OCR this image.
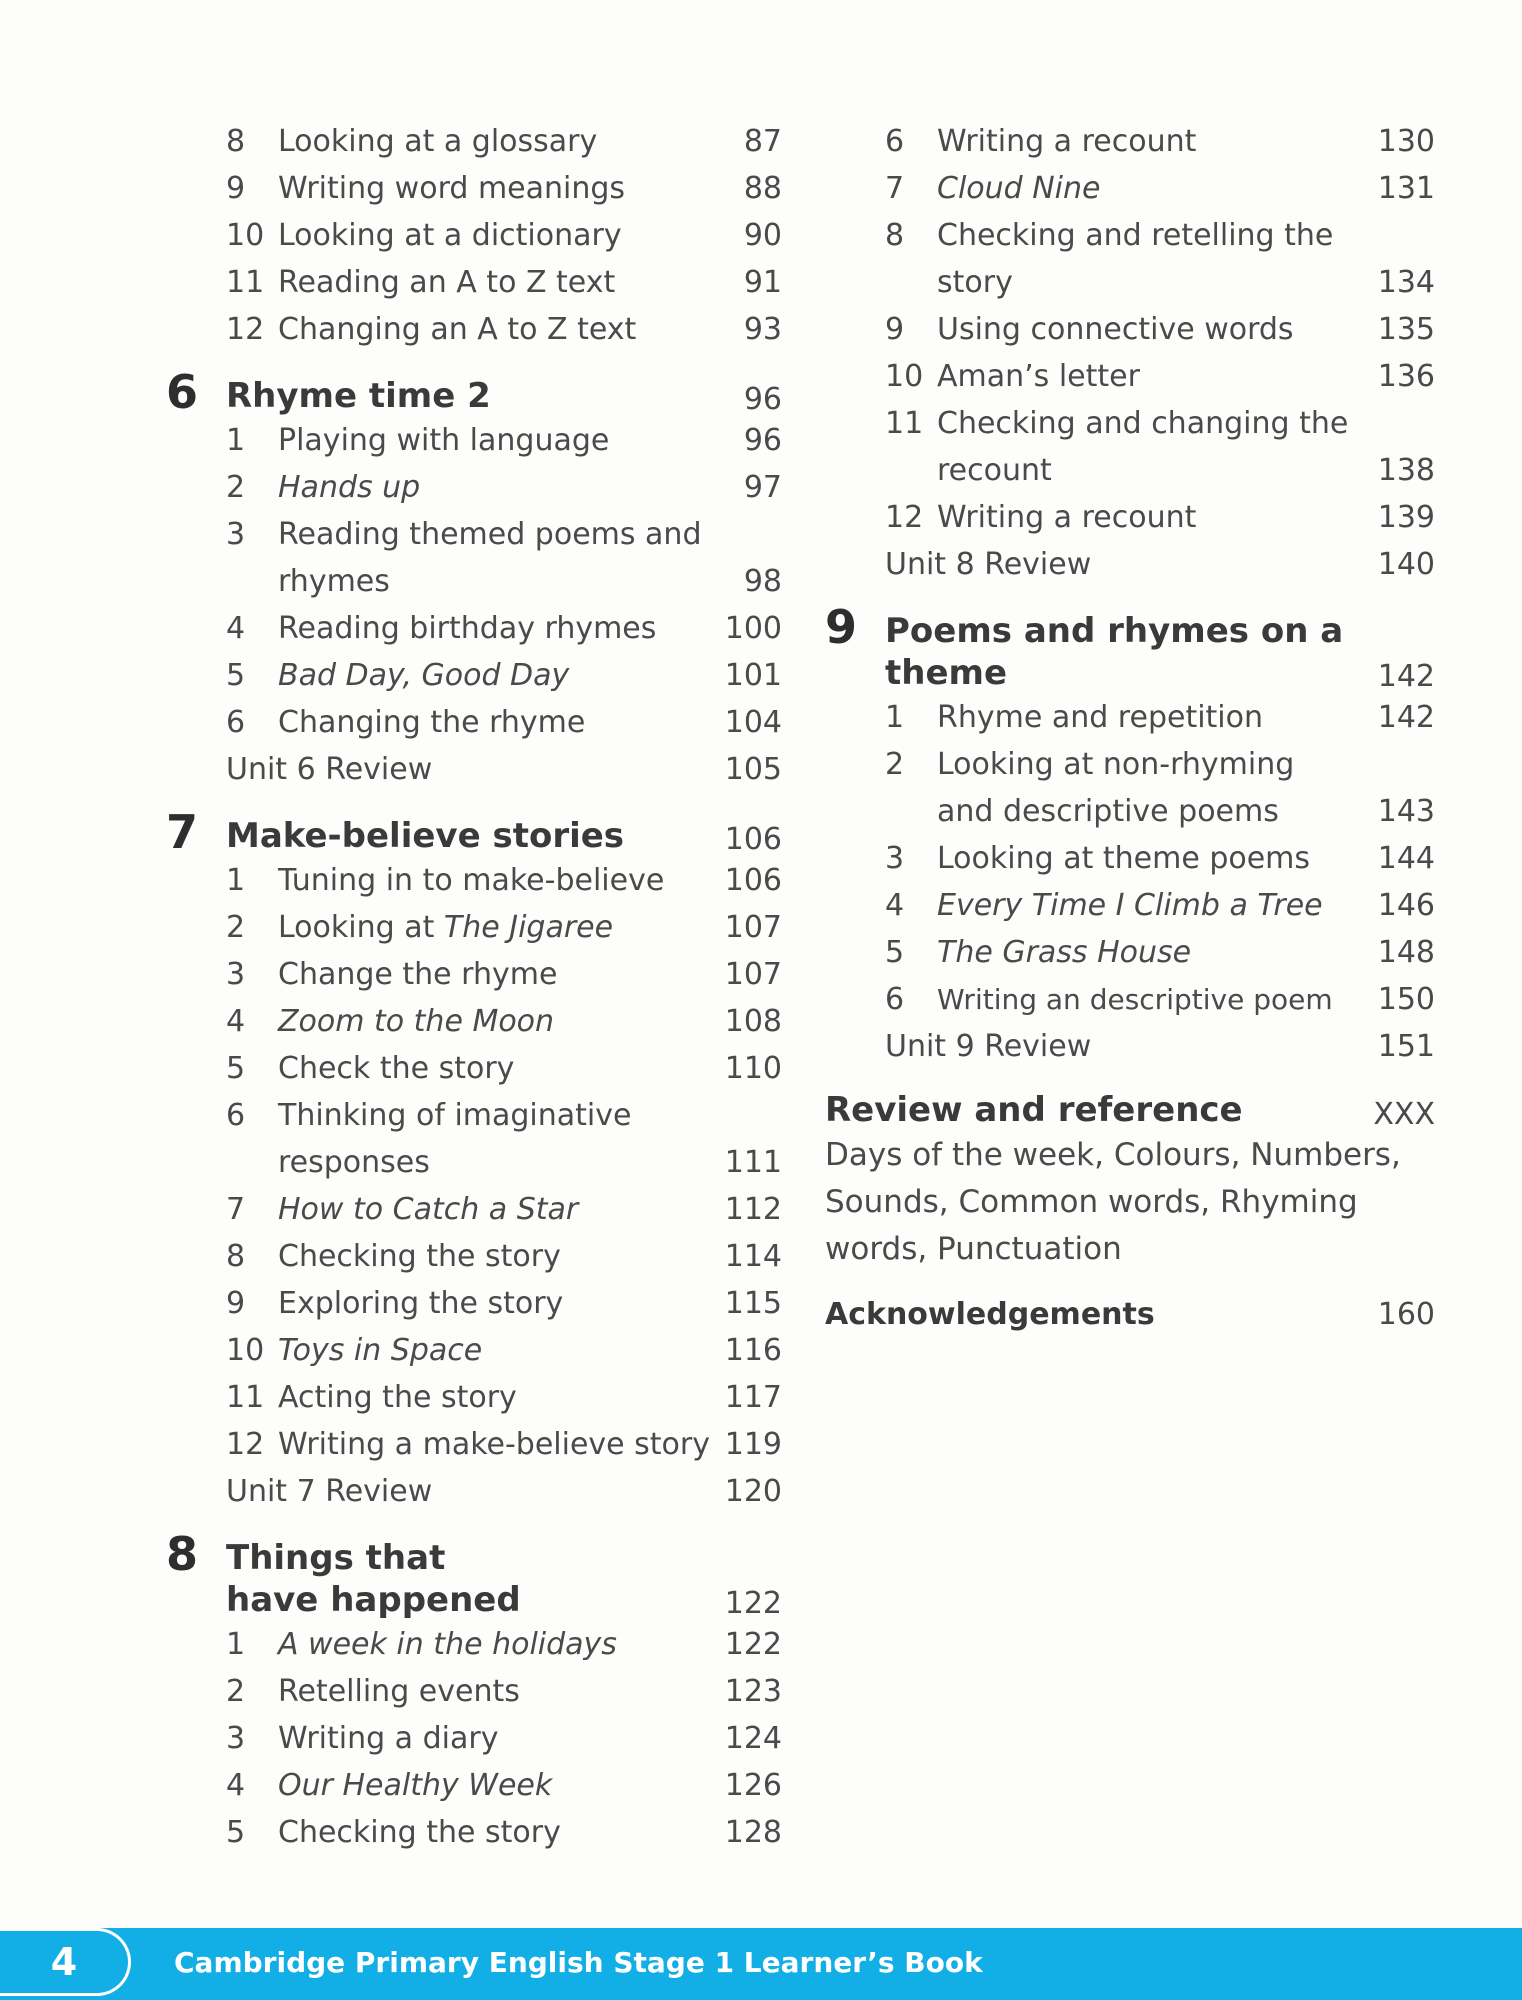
8	Looking at a glossary	87
9	Writing word meanings	88
10 Looking at a dictionary	90
11 Reading an A to Z text	91
12 Changing an A to Z text	93
6 Rhyme time 2	96
1	Playing with language	96
2	Hands up	97
3	Reading themed poems and rhymes	98
4	Reading birthday rhymes	100
5	Bad Day, Good Day	101
6	Changing the rhyme	104
Unit 6 Review	105
7 Make-believe stories	106
1	Tuning in to make-believe	106
2	Looking at The Jigaree	107
3	Change the rhyme	107
4	Zoom to the Moon	108
5	Check the story	110
6	Thinking of imaginative responses	111
7	How to Catch a Star	112
8	Checking the story	114
9	Exploring the story	115
10 Toys in Space	116
11 Acting the story	117
12 Writing a make-believe story 119
Unit 7 Review	120
8 Things that have happened	122
1	A week in the holidays	122
2	Retelling events	123
3	Writing a diary	124
4	Our Healthy Week	126
5	Checking the story	128
6	Writing a recount	130
7	Cloud Nine	131
8	Checking and retelling the story	134
9	Using connective words	135
10 Aman’s letter	136
11 Checking and changing the recount	138
12 Writing a recount	139
Unit 8 Review	140
9 Poems and rhymes on a theme	142
1	Rhyme and repetition	142
2	Looking at non-rhyming and descriptive poems	143
3	Looking at theme poems	144
4	Every Time I Climb a Tree	146
5	The Grass House	148
6	Writing an descriptive poem	150
Unit 9 Review	151
Review and reference	XXX
Days of the week, Colours, Numbers, Sounds, Common words, Rhyming words, Punctuation
Acknowledgements	160
4	Cambridge Primary English Stage 1 Learner’s Book
